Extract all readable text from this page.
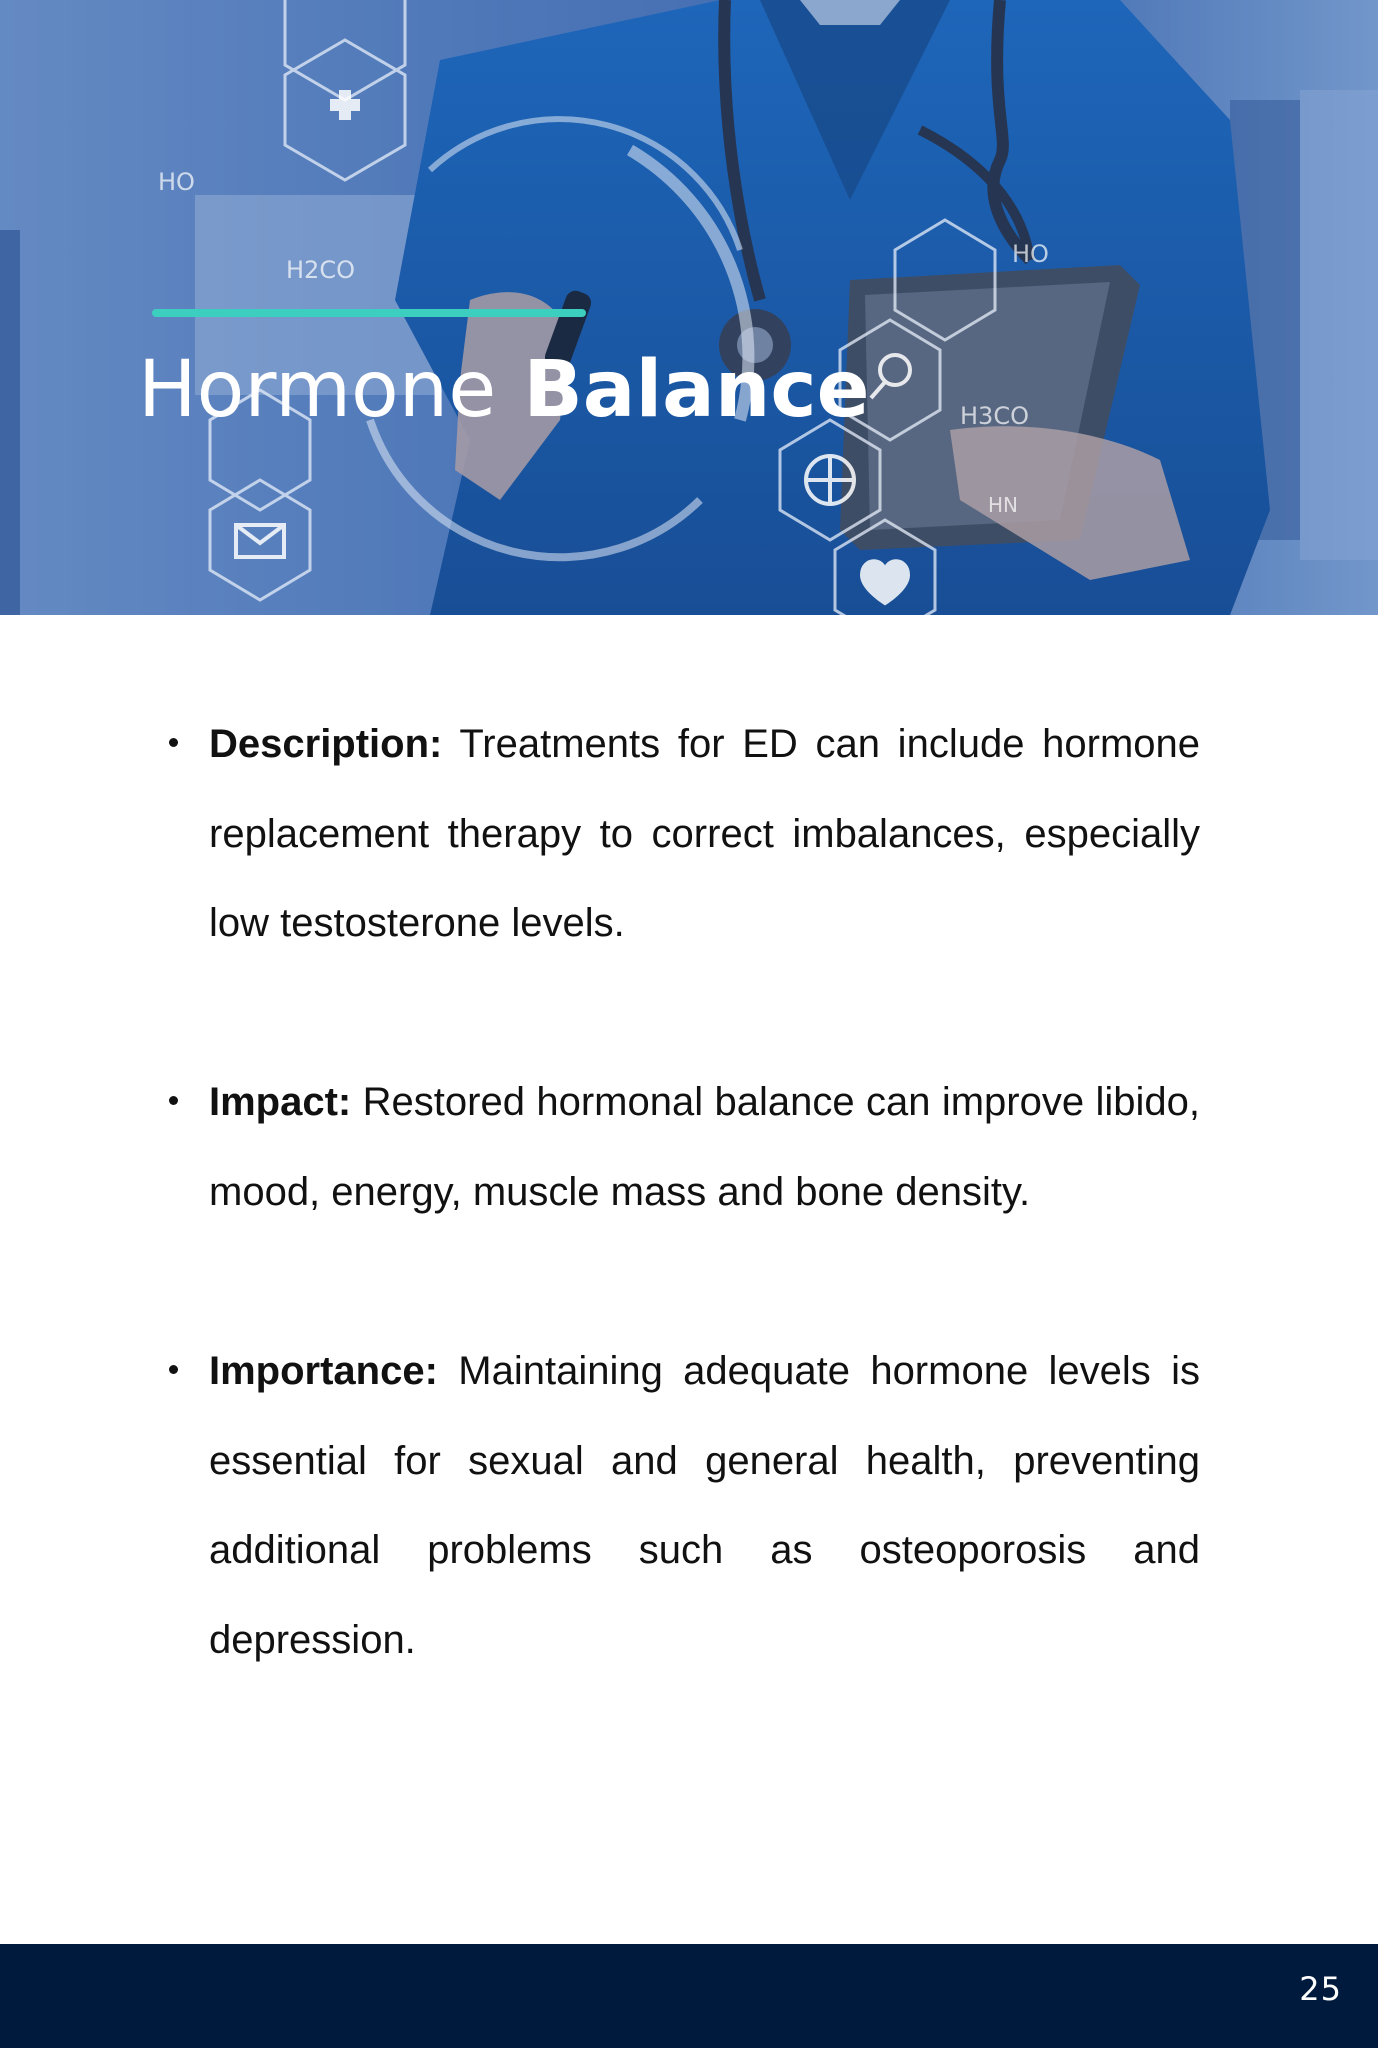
HO
H2CO
HO
H3CO
HN
Hormone Balance
Description: Treatments for ED can include hormone replacement therapy to correct imbalances, especially low testosterone levels.
Impact: Restored hormonal balance can improve libido, mood, energy, muscle mass and bone density.
Importance: Maintaining adequate hormone levels is essential for sexual and general health, preventing additional problems such as osteoporosis and depression.
25
